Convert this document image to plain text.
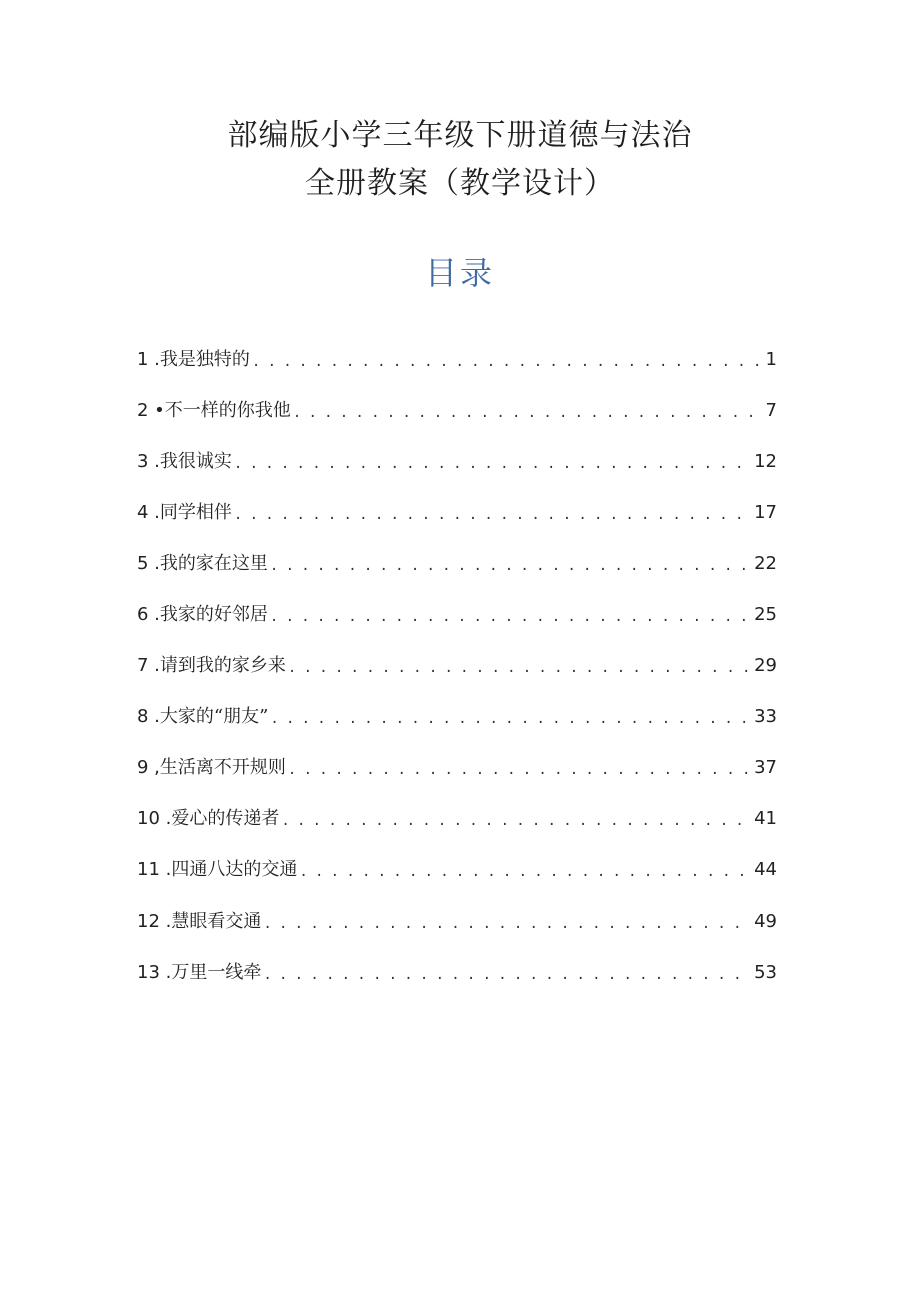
部编版小学三年级下册道德与法治
全册教案（教学设计）
目录
1 . 我是独特的 . . .	1
2 • 不一样的你我他 . . .	7
3 . 我很诚实 . . .	12
4 . 同学相伴 . . .	17
5 . 我的家在这里 . . .	22
6 . 我家的好邻居 . . .	25
7 . 请到我的家乡来 . . .	29
8 . 大家的“朋友” . . .	33
9 , 生活离不开规则 . . .	37
10 . 爱心的传递者 . . .	41
11 . 四通八达的交通 . . .	44
12 . 慧眼看交通 . . .	49
13 . 万里一线牵 . . .	53
